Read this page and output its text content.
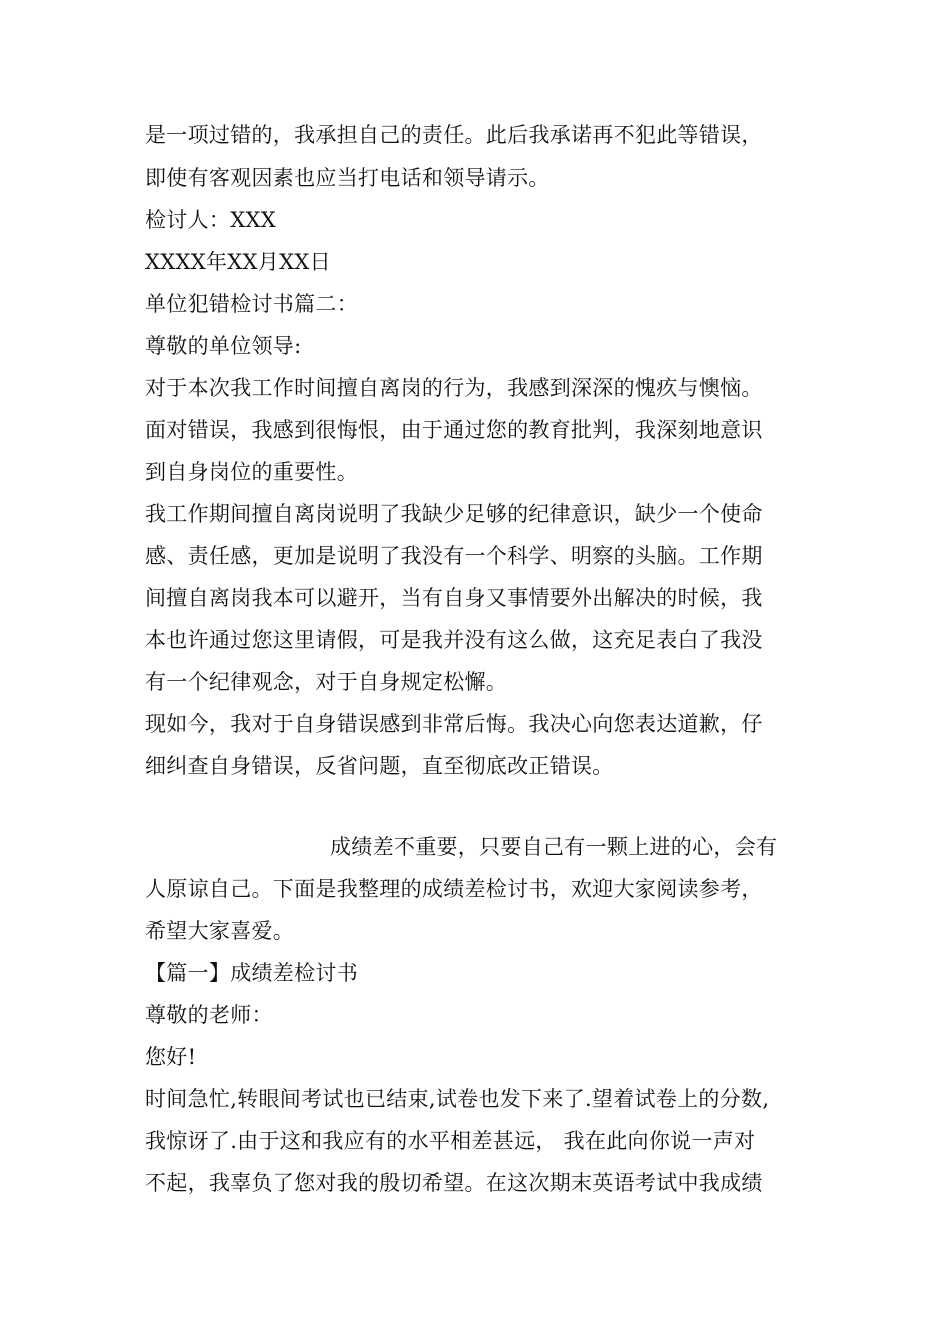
是一项过错的，我承担自己的责任。此后我承诺再不犯此等错误，
即使有客观因素也应当打电话和领导请示。
检讨人：XXX
XXXX年XX月XX日
单位犯错检讨书篇二：
尊敬的单位领导:
对于本次我工作时间擅自离岗的行为，我感到深深的愧疚与懊恼。
面对错误，我感到很悔恨，由于通过您的教育批判，我深刻地意识
到自身岗位的重要性。
我工作期间擅自离岗说明了我缺少足够的纪律意识，缺少一个使命
感、责任感，更加是说明了我没有一个科学、明察的头脑。工作期
间擅自离岗我本可以避开，当有自身又事情要外出解决的时候，我
本也许通过您这里请假，可是我并没有这么做，这充足表白了我没
有一个纪律观念，对于自身规定松懈。
现如今，我对于自身错误感到非常后悔。我决心向您表达道歉，仔
细纠查自身错误，反省问题，直至彻底改正错误。
成绩差不重要，只要自己有一颗上进的心，会有
人原谅自己。下面是我整理的成绩差检讨书，欢迎大家阅读参考，
希望大家喜爱。
【篇一】成绩差检讨书
尊敬的老师：
您好!
时间急忙,转眼间考试也已结束,试卷也发下来了.望着试卷上的分数,
我惊讶了.由于这和我应有的水平相差甚远， 我在此向你说一声对
不起，我辜负了您对我的殷切希望。在这次期末英语考试中我成绩
